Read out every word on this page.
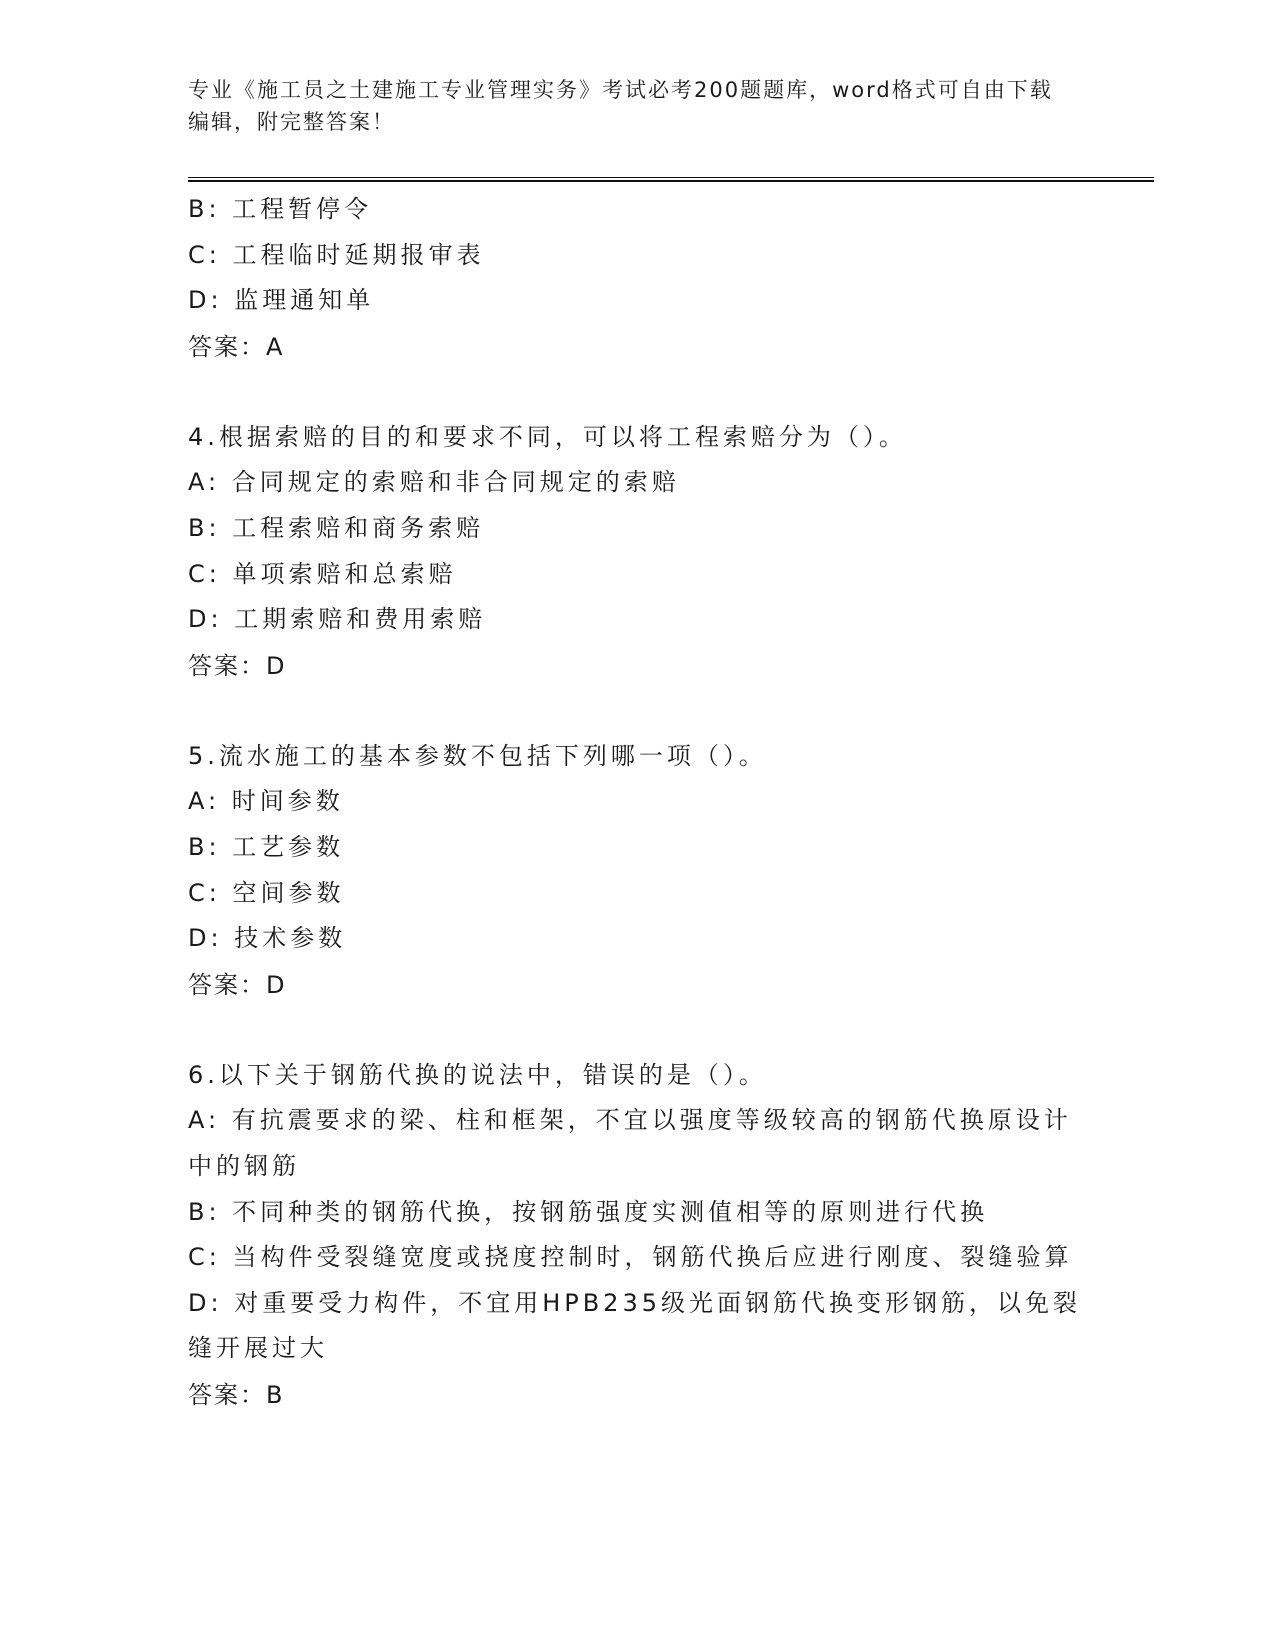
专业《施工员之土建施工专业管理实务》考试必考200题题库，word格式可自由下载编辑，附完整答案！

B: 工程暂停令

C: 工程临时延期报审表

D: 监理通知单

答案：A

4.根据索赔的目的和要求不同，可以将工程索赔分为（）。

A: 合同规定的索赔和非合同规定的索赔

B: 工程索赔和商务索赔

C: 单项索赔和总索赔

D: 工期索赔和费用索赔

答案：D

5.流水施工的基本参数不包括下列哪一项（）。

A: 时间参数

B: 工艺参数

C: 空间参数

D: 技术参数

答案：D

6.以下关于钢筋代换的说法中，错误的是（）。

A: 有抗震要求的梁、柱和框架，不宜以强度等级较高的钢筋代换原设计中的钢筋

B: 不同种类的钢筋代换，按钢筋强度实测值相等的原则进行代换

C: 当构件受裂缝宽度或挠度控制时，钢筋代换后应进行刚度、裂缝验算

D: 对重要受力构件，不宜用HPB235级光面钢筋代换变形钢筋，以免裂缝开展过大

答案：B
